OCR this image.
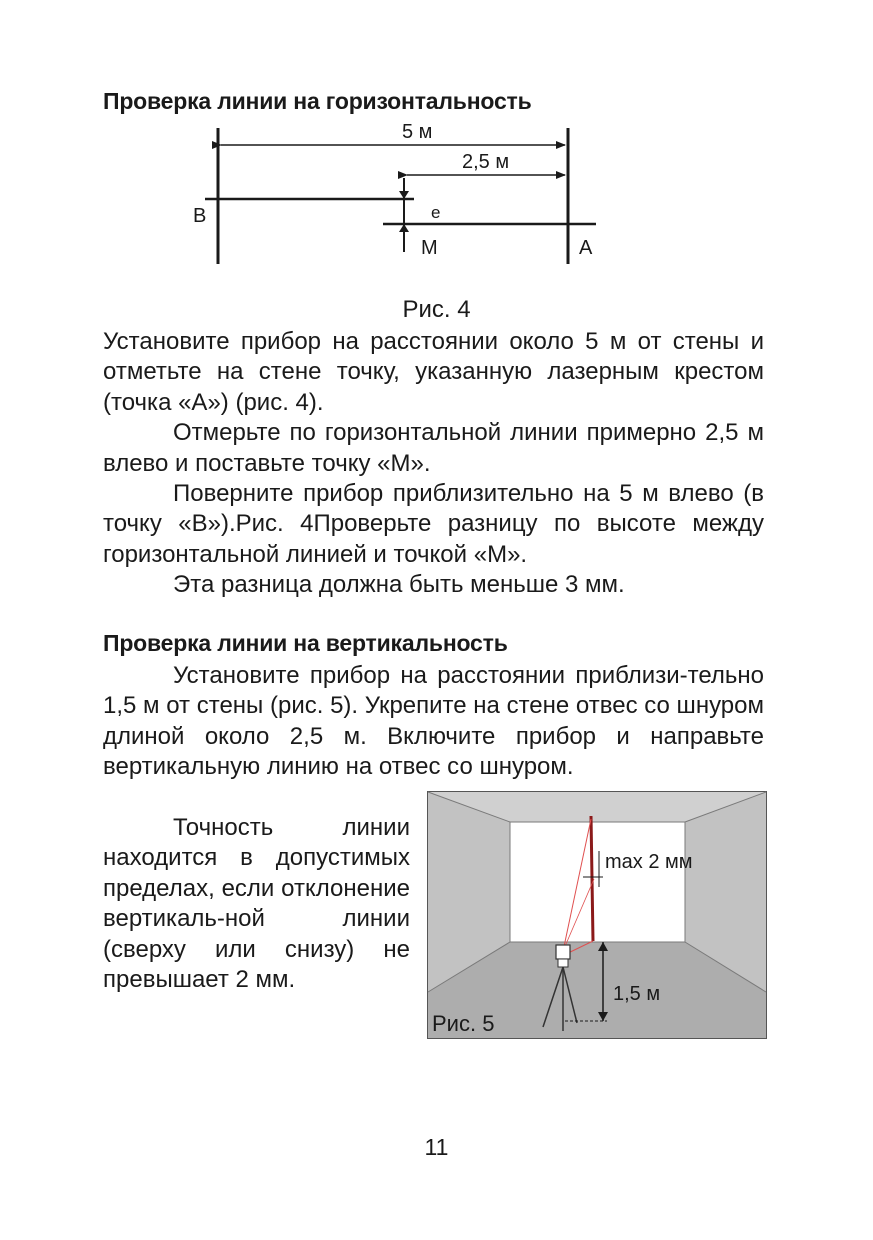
Проверка линии на горизонтальность
5 м
2,5 м
B	e
M	A
Рис. 4

Установите прибор на расстоянии около 5 м от стены и отметьте на стене точку, указанную лазерным крестом (точка «А») (рис. 4).

Отмерьте по горизонтальной линии примерно 2,5 м влево и поставьте точку «М».

Поверните прибор приблизительно на 5 м влево (в точку «В»).Рис. 4Проверьте разницу по высоте между горизонтальной линией и точкой «М».

Эта разница должна быть меньше 3 мм.

Проверка линии на вертикальность

Установите прибор на расстоянии приблизи-тельно 1,5 м от стены (рис. 5). Укрепите на стене отвес со шнуром длиной около 2,5 м. Включите прибор и направьте вертикальную линию на отвес со шнуром.

Точность линии находится в допустимых пределах, если отклонение вертикаль-ной линии (сверху или снизу) не превышает 2 мм.

max 2 мм
1,5 м
Рис. 5
11
